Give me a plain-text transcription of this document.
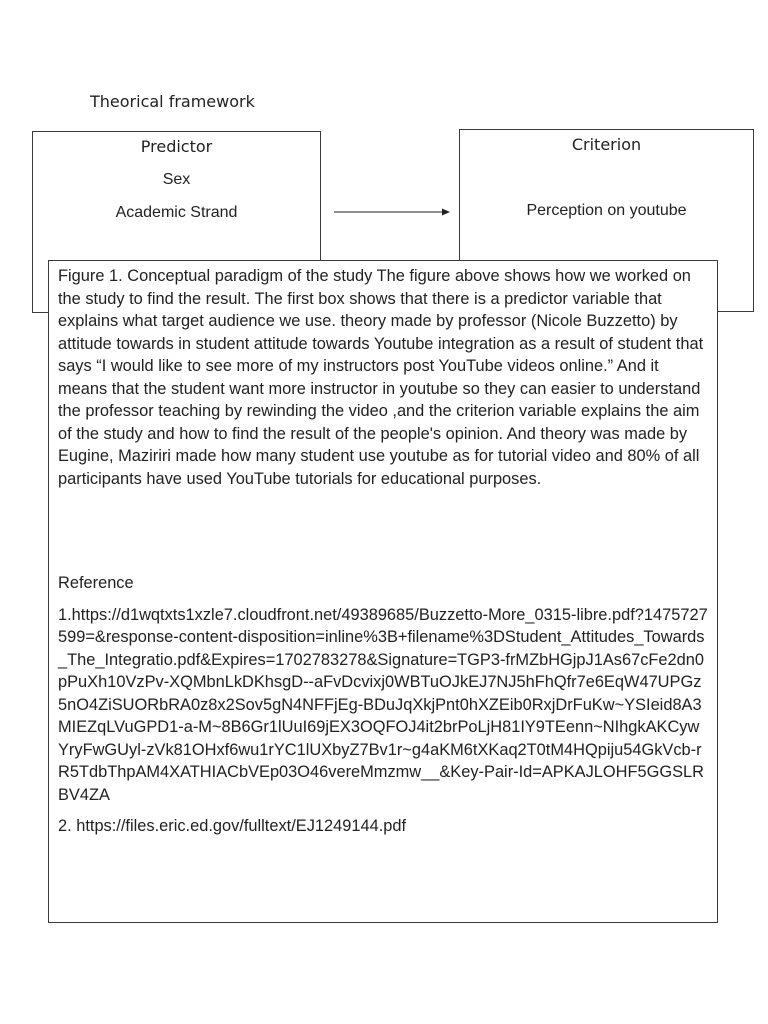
Theorical framework
Predictor
Sex
Academic Strand
Criterion
Perception on youtube

Figure 1. Conceptual paradigm of the study The figure above shows how we worked on the study to find the result. The first box shows that there is a predictor variable that explains what target audience we use. theory made by professor (Nicole Buzzetto) by attitude towards in student attitude towards Youtube integration as a result of student that says “I would like to see more of my instructors post YouTube videos online.” And it means that the student want more instructor in youtube so they can easier to understand the professor teaching by rewinding the video ,and the criterion variable explains the aim of the study and how to find the result of the people's opinion. And theory was made by Eugine, Maziriri made how many student use youtube as for tutorial video and 80% of all participants have used YouTube tutorials for educational purposes.

Reference

1.https://d1wqtxts1xzle7.cloudfront.net/49389685/Buzzetto-More_0315-libre.pdf?1475727599=&response-content-disposition=inline%3B+filename%3DStudent_Attitudes_Towards_The_Integratio.pdf&Expires=1702783278&Signature=TGP3-frMZbHGjpJ1As67cFe2dn0pPuXh10VzPv-XQMbnLkDKhsgD--aFvDcvixj0WBTuOJkEJ7NJ5hFhQfr7e6EqW47UPGz5nO4ZiSUORbRA0z8x2Sov5gN4NFFjEg-BDuJqXkjPnt0hXZEib0RxjDrFuKw~YSIeid8A3MIEZqLVuGPD1-a-M~8B6Gr1lUuI69jEX3OQFOJ4it2brPoLjH81IY9TEenn~NIhgkAKCywYryFwGUyl-zVk81OHxf6wu1rYC1lUXbyZ7Bv1r~g4aKM6tXKaq2T0tM4HQpiju54GkVcb-rR5TdbThpAM4XATHIACbVEp03O46vereMmzmw__&Key-Pair-Id=APKAJLOHF5GGSLRBV4ZA

2. https://files.eric.ed.gov/fulltext/EJ1249144.pdf
